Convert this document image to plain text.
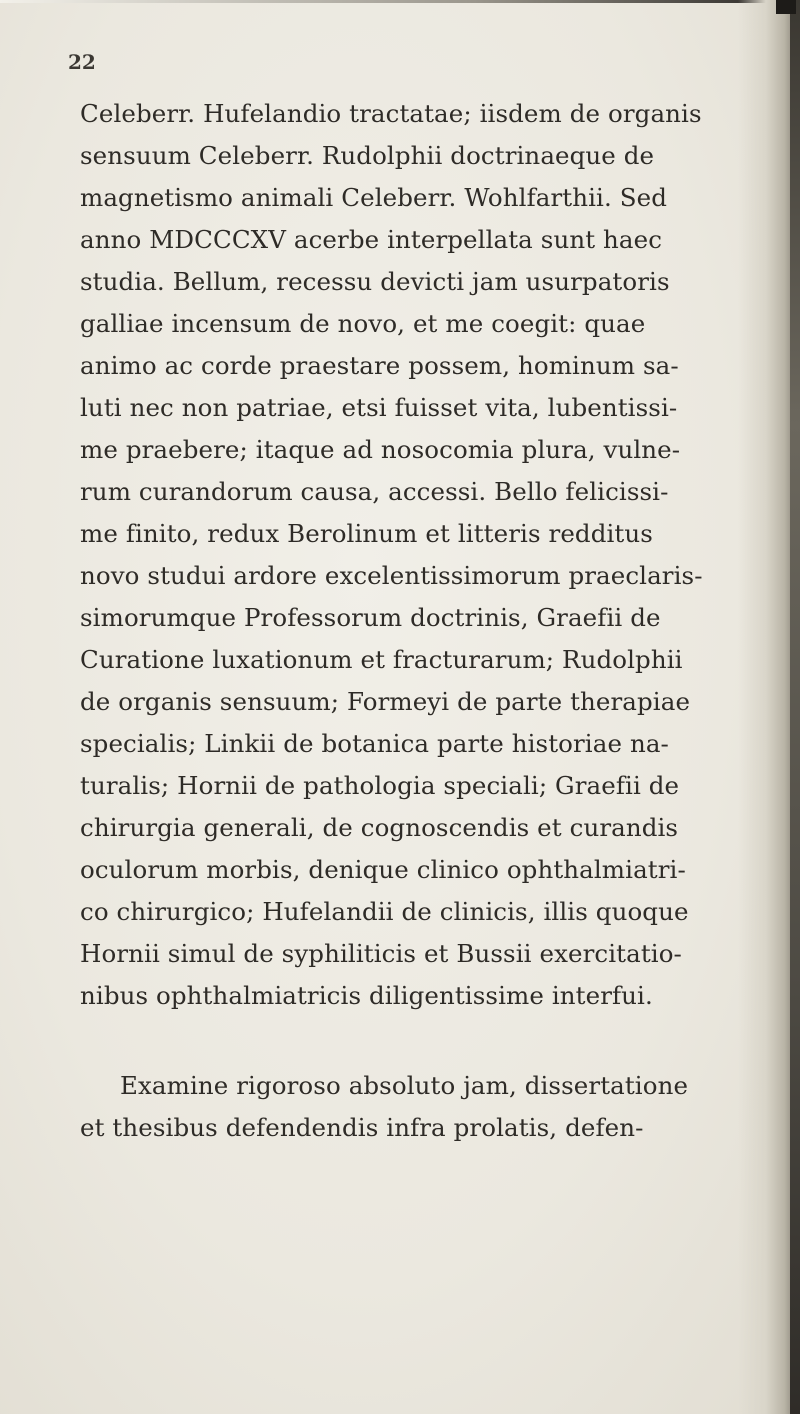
22
Celeberr. Hufelandio tractatae; iisdem de organis
sensuum Celeberr. Rudolphii doctrinaeque de
magnetismo animali Celeberr. Wohlfarthii. Sed
anno MDCCCXV acerbe interpellata sunt haec
studia. Bellum, recessu devicti jam usurpatoris
galliae incensum de novo, et me coegit: quae
animo ac corde praestare possem, hominum sa-
luti nec non patriae, etsi fuisset vita, lubentissi-
me praebere; itaque ad nosocomia plura, vulne-
rum curandorum causa, accessi. Bello felicissi-
me finito, redux Berolinum et litteris redditus
novo studui ardore excelentissimorum praeclaris-
simorumque Professorum doctrinis, Graefii de
Curatione luxationum et fracturarum; Rudolphii
de organis sensuum; Formeyi de parte therapiae
specialis; Linkii de botanica parte historiae na-
turalis; Hornii de pathologia speciali; Graefii de
chirurgia generali, de cognoscendis et curandis
oculorum morbis, denique clinico ophthalmiatri-
co chirurgico; Hufelandii de clinicis, illis quoque
Hornii simul de syphiliticis et Bussii exercitatio-
nibus ophthalmiatricis diligentissime interfui.
Examine rigoroso absoluto jam, dissertatione
et thesibus defendendis infra prolatis, defen-
